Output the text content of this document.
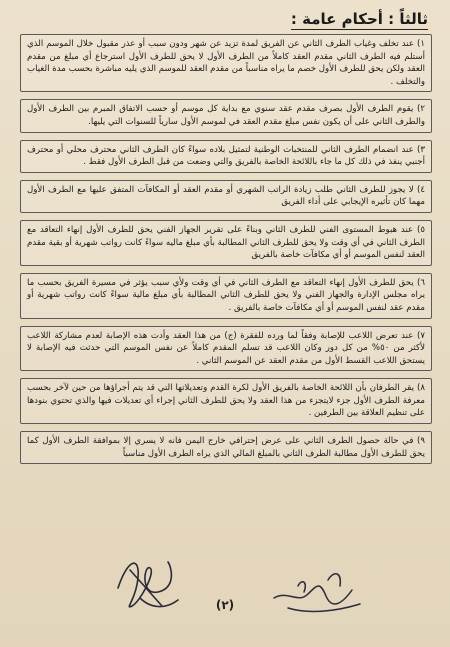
ثالثاً : أحكام عامة :
١) عند تخلف وغياب الطرف الثاني عن الفريق لمدة تزيد عن شهر ودون سبب أو عذر مقبول خلال الموسم الذي أستلم فيه الطرف الثاني مقدم العقد كاملاً من الطرف الأول لا يحق للطرف الأول استرجاع أي مبلغ من مقدم العقد ولكن يحق للطرف الأول خصم ما يراه مناسباً من مقدم العقد للموسم الذي يليه مباشرة بحسب مدة الغياب والتخلف .
٢) يقوم الطرف الأول بصرف مقدم عقد سنوي مع بداية كل موسم أو حسب الاتفاق المبرم بين الطرف الأول والطرف الثاني على أن يكون نفس مبلغ مقدم العقد في لموسم الأول سارياً للسنوات التي يليها.
٣) عند انضمام الطرف الثاني للمنتخبات الوطنية لتمثيل بلاده سواءً كان الطرف الثاني محترف محلي أو محترف أجنبي ينفذ في ذلك كل ما جاء باللائحة الخاصة بالفريق والتي وضعت من قبل الطرف الأول فقط .
٤) لا يجوز للطرف الثاني طلب زيادة الراتب الشهري أو مقدم العقد أو المكافآت المتفق عليها مع الطرف الأول مهما كان تأثيره الإيجابي على أداء الفريق
٥) عند هبوط المستوى الفني للطرف الثاني وبناءً على تقرير الجهاز الفني يحق للطرف الأول إنهاء التعاقد مع الطرف الثاني في أي وقت ولا يحق للطرف الثاني المطالبة بأي مبلغ ماليه سواءً كانت رواتب شهرية أو بقية مقدم العقد لنفس الموسم أو أي مكافآت خاصة بالفريق
٦) يحق للطرف الأول إنهاء التعاقد مع الطرف الثاني في أي وقت ولأي سبب يؤثر في مسيرة الفريق بحسب ما يراه مجلس الإدارة والجهاز الفني ولا يحق للطرف الثاني المطالبة بأي مبلغ مالية سواءً كانت رواتب شهرية أو مقدم عقد لنفس الموسم أو أي مكافآت خاصة بالفريق .
٧) عند تعرض اللاعب للإصابة وفقاً لما ورده للفقرة (ج) من هذا العقد وأدت هذه الإصابة لعدم مشاركة اللاعب لأكثر من ٥٠% من كل دور وكان اللاعب قد تسلم المقدم كاملاً عن نفس الموسم التي حدثت فيه الإصابة لا يستحق اللاعب القسط الأول من مقدم العقد عن الموسم الثاني .
٨) يقر الطرفان بأن اللائحة الخاصة بالفريق الأول لكرة القدم وتعديلاتها التي قد يتم أجراؤها من حين لآخر بحسب معرفة الطرف الأول جزء لايتجزء من هذا العقد ولا يحق للطرف الثاني إجراء أي تعديلات فيها والذي تحتوي بنودها على تنظيم العلاقة بين الطرفين .
٩) في حالة حصول الطرف الثاني على عرض إحترافي خارج اليمن فانه لا يسري إلا بموافقة الطرف الأول كما يحق للطرف الأول مطالبة الطرف الثاني بالمبلغ المالي الذي يراه الطرف الأول مناسباً
(٢)
